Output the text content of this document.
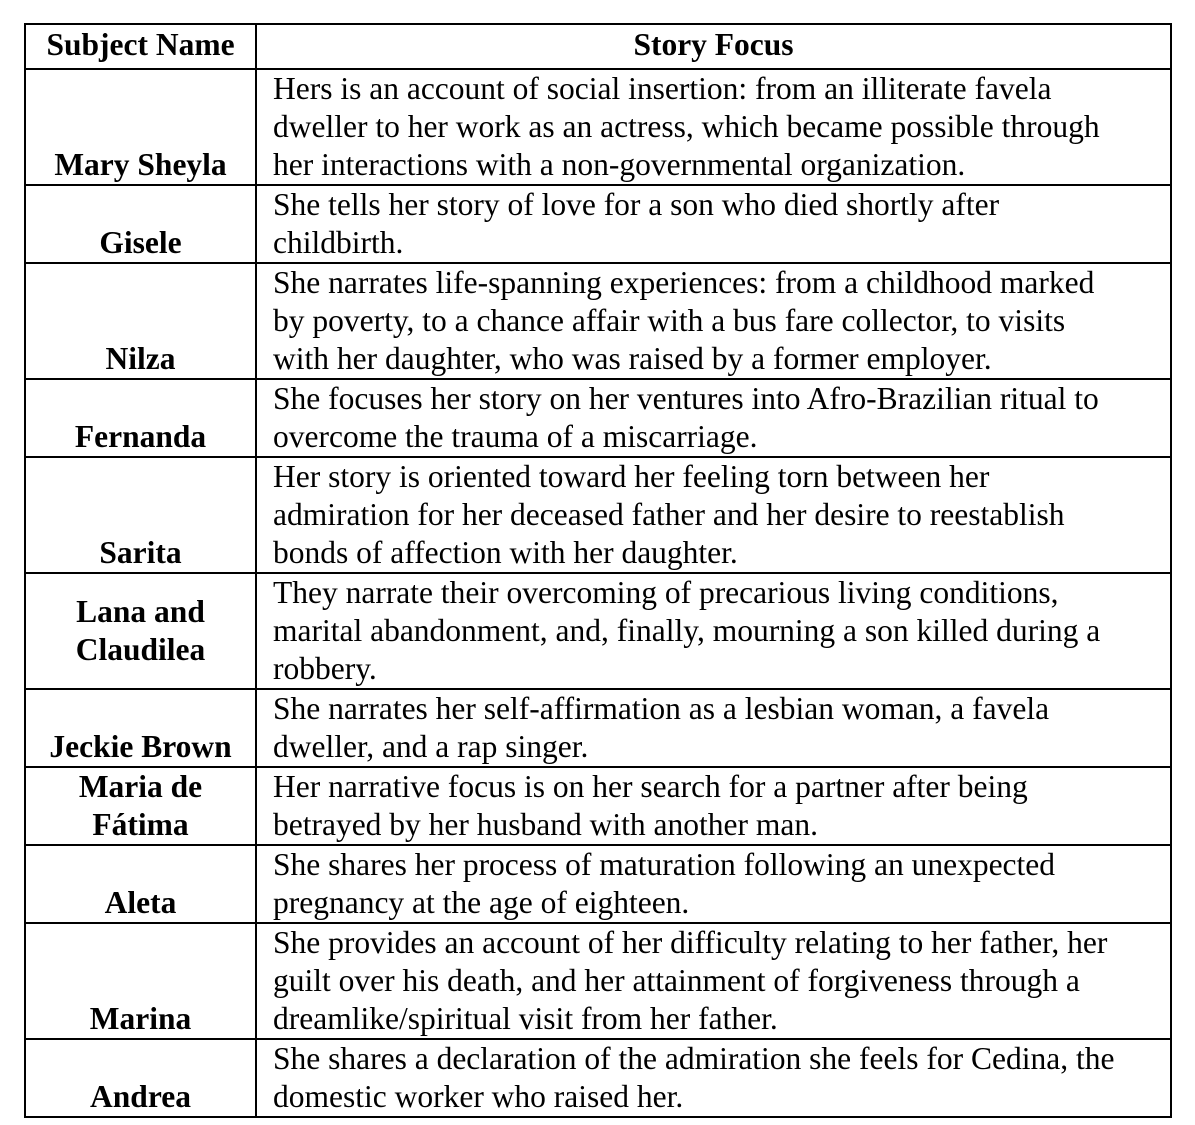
Subject Name	Story Focus
Mary Sheyla	Hers is an account of social insertion: from an illiterate favela
dweller to her work as an actress, which became possible through
her interactions with a non-governmental organization.

Gisele	She tells her story of love for a son who died shortly after
childbirth.

Nilza	She narrates life-spanning experiences: from a childhood marked
by poverty, to a chance affair with a bus fare collector, to visits
with her daughter, who was raised by a former employer.

Fernanda	She focuses her story on her ventures into Afro-Brazilian ritual to
overcome the trauma of a miscarriage.

Sarita	Her story is oriented toward her feeling torn between her
admiration for her deceased father and her desire to reestablish
bonds of affection with her daughter.

Lana and Claudilea	They narrate their overcoming of precarious living conditions,
marital abandonment, and, finally, mourning a son killed during a
robbery.

Jeckie Brown	She narrates her self-affirmation as a lesbian woman, a favela
dweller, and a rap singer.

Maria de Fátima	Her narrative focus is on her search for a partner after being
betrayed by her husband with another man.

Aleta	She shares her process of maturation following an unexpected
pregnancy at the age of eighteen.

Marina	She provides an account of her difficulty relating to her father, her
guilt over his death, and her attainment of forgiveness through a
dreamlike/spiritual visit from her father.

Andrea	She shares a declaration of the admiration she feels for Cedina, the
domestic worker who raised her.
